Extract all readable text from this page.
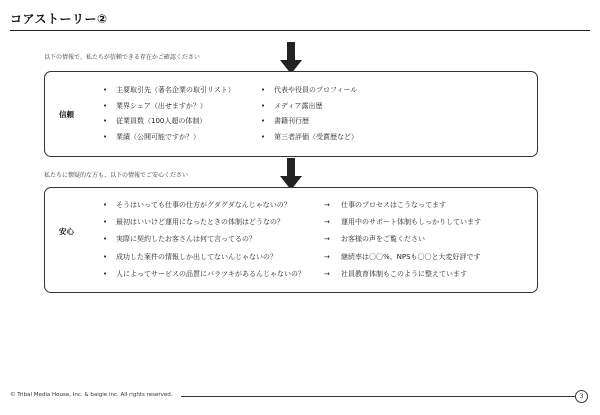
コアストーリー②
以下の情報で、私たちが信頼できる存在かご確認ください
信頼
• 主要取引先（著名企業の取引リスト）
• 業界シェア（出せますか？）
• 従業員数（100人超の体制）
• 業績（公開可能ですか？）
• 代表や役員のプロフィール
• メディア露出歴
• 書籍刊行歴
• 第三者評価（受賞歴など）
私たちに懐疑的な方も、以下の情報でご安心ください
安心
• そうはいっても仕事の仕方がグダグダなんじゃないの？	→ 仕事のプロセスはこうなってます
• 最初はいいけど運用になったときの体制はどうなの？	→ 運用中のサポート体制もしっかりしています
• 実際に契約したお客さんは何て言ってるの？	→ お客様の声をご覧ください
• 成功した案件の情報しか出してないんじゃないの？	→ 継続率は〇〇%、NPSも〇〇と大変好評です
• 人によってサービスの品質にバラツキがあるんじゃないの？	→ 社員教育体制もこのように整えています
© Tribal Media House, Inc. & baigie inc. All rights reserved.	3
